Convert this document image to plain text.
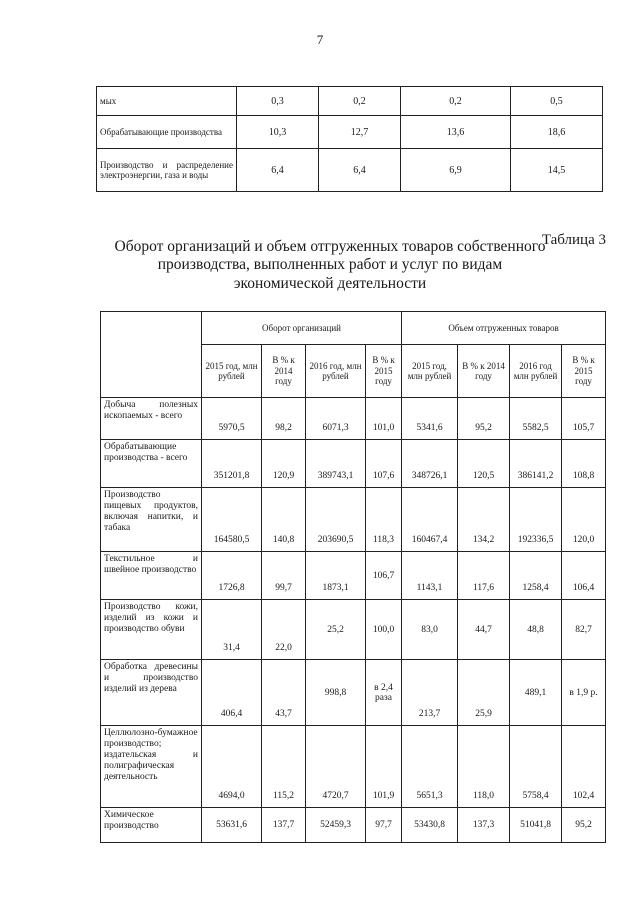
7
мых	0,3	0,2	0,2	0,5
Обрабатывающие производства	10,3	12,7	13,6	18,6
Производство и распределение электроэнергии, газа и воды	6,4	6,4	6,9	14,5
Таблица 3
Оборот организаций и объем отгруженных товаров собственного производства, выполненных работ и услуг по видам экономической деятельности
	Оборот организаций				Объем отгруженных товаров			
	2015 год, млн рублей	В % к 2014 году	2016 год, млн рублей	В % к 2015 году	2015 год, млн рублей	В % к 2014 году	2016 год млн рублей	В % к 2015 году
Добыча полезных ископаемых - всего	5970,5	98,2	6071,3	101,0	5341,6	95,2	5582,5	105,7
Обрабатывающие производства - всего	351201,8	120,9	389743,1	107,6	348726,1	120,5	386141,2	108,8
Производство пищевых продуктов, включая напитки, и табака	164580,5	140,8	203690,5	118,3	160467,4	134,2	192336,5	120,0
Текстильное и швейное производство	1726,8	99,7	1873,1	106,7	1143,1	117,6	1258,4	106,4
Производство кожи, изделий из кожи и производство обуви	31,4	22,0	25,2	100,0	83,0	44,7	48,8	82,7
Обработка древесины и производство изделий из дерева	406,4	43,7	998,8	в 2,4 раза	213,7	25,9	489,1	в 1,9 р.
Целлюлозно-бумажное производство; издательская и полиграфическая деятельность	4694,0	115,2	4720,7	101,9	5651,3	118,0	5758,4	102,4
Химическое производство	53631,6	137,7	52459,3	97,7	53430,8	137,3	51041,8	95,2
